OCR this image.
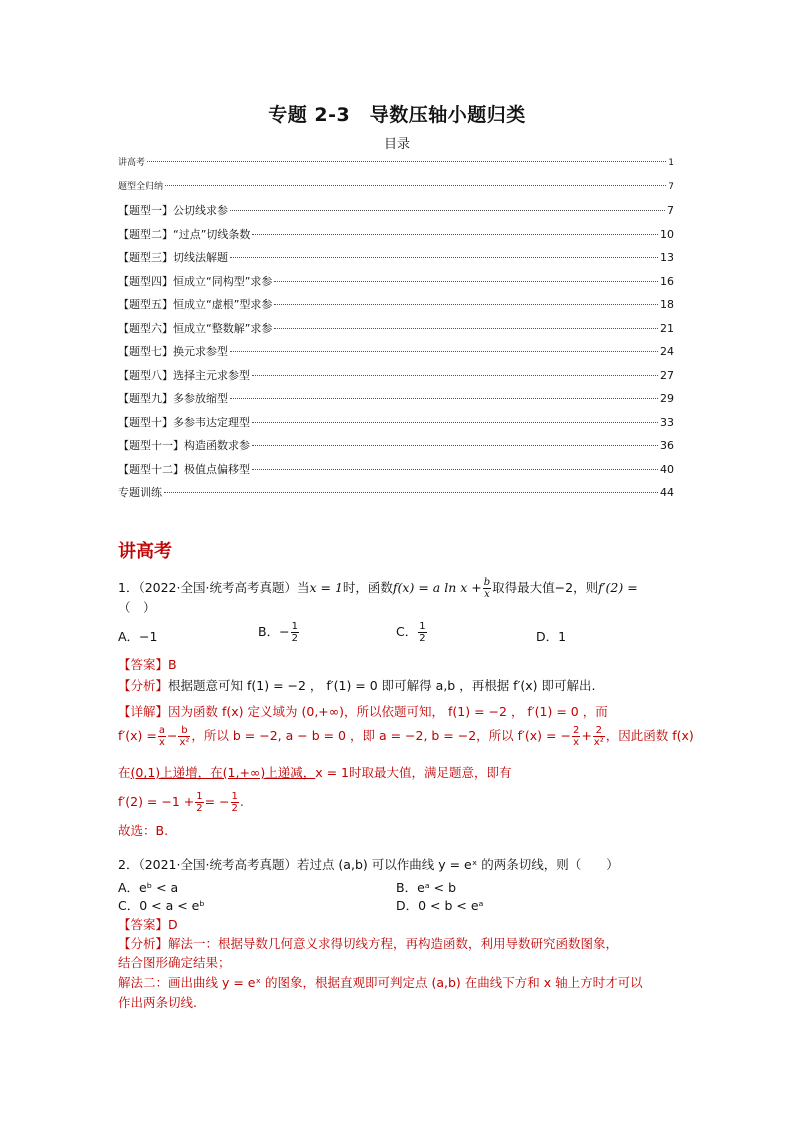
专题 2-3　导数压轴小题归类
目录
讲高考	1
题型全归纳	7
【题型一】公切线求参	7
【题型二】“过点”切线条数	10
【题型三】切线法解题	13
【题型四】恒成立“同构型”求参	16
【题型五】恒成立“虚根”型求参	18
【题型六】恒成立“整数解”求参	21
【题型七】换元求参型	24
【题型八】选择主元求参型	27
【题型九】多参放缩型	29
【题型十】多参韦达定理型	33
【题型十一】构造函数求参	36
【题型十二】极值点偏移型	40
专题训练	44
讲高考
1．（2022·全国·统考高考真题）当x = 1时，函数f(x) = a $\ln x + \frac{b}{x}$ 取得最大值−2，则f′(2) =
（　）
A．−1	B．− $\frac{1}{2}$	C． $\frac{1}{2}$	D．1
【答案】B
【分析】根据题意可知 f(1) = −2 ， f′(1) = 0 即可解得 a,b ，再根据 f′(x) 即可解出.
【详解】因为函数 f(x) 定义域为 (0,+∞)，所以依题可知， f(1) = −2 ， f′(1) = 0 ，而
$f'(x) = \frac{a}{x} - \frac{b}{\text{x²}}$ ，所以 b = −2, a − b = 0 ，即 a = −2, b = −2，所以 f′(x) = − $\frac{2}{x} + \frac{2}{\text{x²}}$ ，因此函数 f(x)
在(0,1)上递增，在(1,+∞)上递减，x = 1时取最大值，满足题意，即有
$f'(2) = -1 + \frac{1}{2}$ = − $\frac{1}{2}$ .
故选：B.
2．（2021·全国·统考高考真题）若过点 (a,b) 可以作曲线 y = eˣ 的两条切线，则（　　）
A．eᵇ < a	B．eᵃ < b
C．0 < a < eᵇ	D．0 < b < eᵃ
【答案】D
【分析】解法一：根据导数几何意义求得切线方程，再构造函数，利用导数研究函数图象，
结合图形确定结果；
解法二：画出曲线 y = eˣ 的图象，根据直观即可判定点 (a,b) 在曲线下方和 x 轴上方时才可以
作出两条切线.
